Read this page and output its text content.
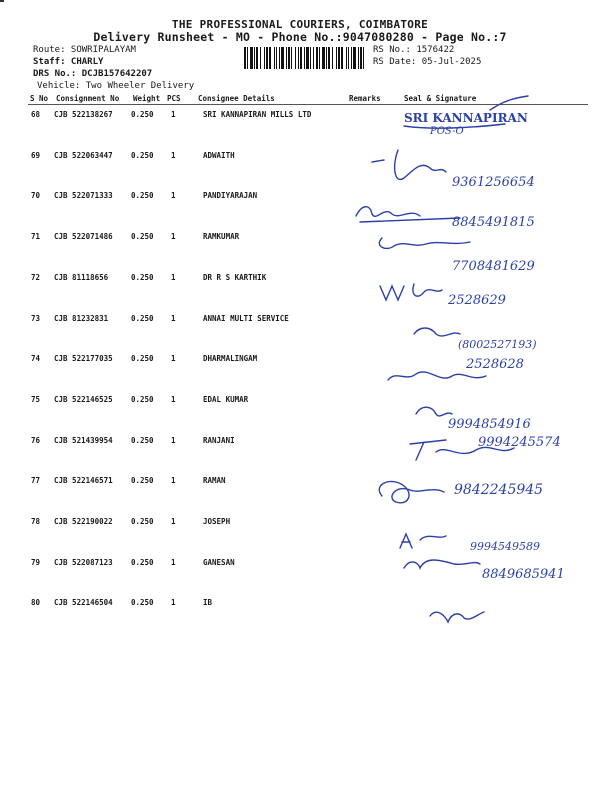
THE PROFESSIONAL COURIERS, COIMBATORE
Delivery Runsheet - MO - Phone No.:9047080280 - Page No.:7
Route: SOWRIPALAYAM
Staff: CHARLY
DRS No.: DCJB157642207
Vehicle: Two Wheeler Delivery
RS No.: 1576422
RS Date: 05-Jul-2025
S No Consignment No Weight PCS Consignee Details	Remarks	Seal & Signature
68 CJB 522138267 0.250 1	SRI KANNAPIRAN MILLS LTD
69 CJB 522063447 0.250 1	ADWAITH
70 CJB 522071333 0.250 1	PANDIYARAJAN
71 CJB 522071486 0.250 1	RAMKUMAR
72 CJB 81118656	0.250 1	DR R S KARTHIK
73 CJB 81232831	0.250 1	ANNAI MULTI SERVICE
74 CJB 522177035 0.250 1	DHARMALINGAM
75 CJB 522146525 0.250 1	EDAL KUMAR
76 CJB 521439954 0.250 1	RANJANI
77 CJB 522146571 0.250 1	RAMAN
78 CJB 522190022 0.250 1	JOSEPH
79 CJB 522087123 0.250 1	GANESAN
80 CJB 522146504 0.250 1	IB
SRI KANNAPIRAN
POS-O
9361256654
8845491815
7708481629
2528629
(8002527193)
2528628
9994854916
9994245574
9842245945
9994549589
8849685941
